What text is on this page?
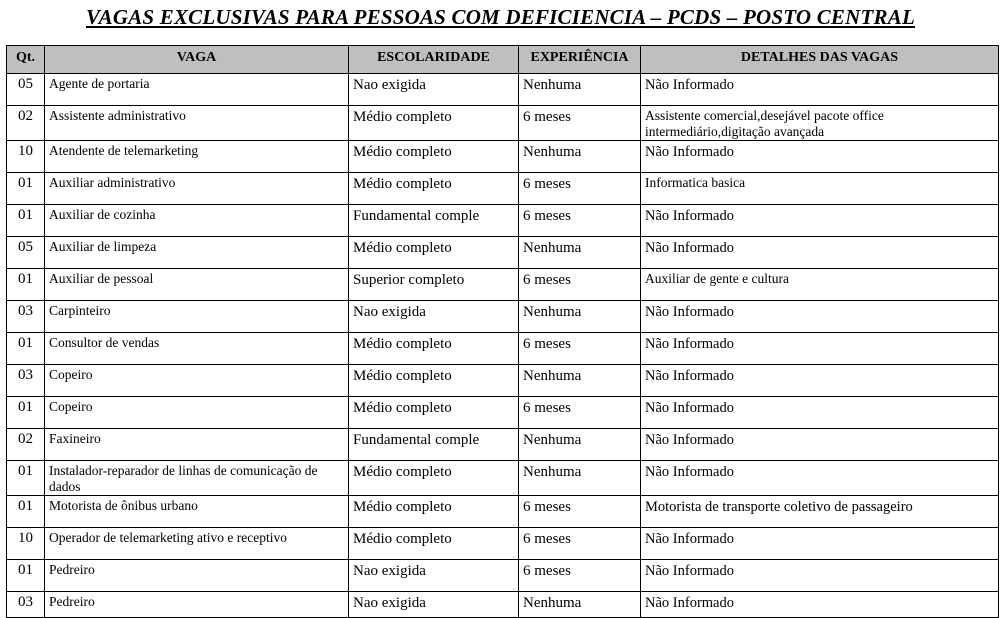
VAGAS EXCLUSIVAS PARA PESSOAS COM DEFICIENCIA – PCDS – POSTO CENTRAL
Qt.	VAGA	ESCOLARIDADE	EXPERIÊNCIA	DETALHES DAS VAGAS
05	Agente de portaria	Nao exigida	Nenhuma	Não Informado
02	Assistente administrativo	Médio completo	6 meses	Assistente comercial,desejável pacote office intermediário,digitação avançada
10	Atendente de telemarketing	Médio completo	Nenhuma	Não Informado
01	Auxiliar administrativo	Médio completo	6 meses	Informatica basica
01	Auxiliar de cozinha	Fundamental comple	6 meses	Não Informado
05	Auxiliar de limpeza	Médio completo	Nenhuma	Não Informado
01	Auxiliar de pessoal	Superior completo	6 meses	Auxiliar de gente e cultura
03	Carpinteiro	Nao exigida	Nenhuma	Não Informado
01	Consultor de vendas	Médio completo	6 meses	Não Informado
03	Copeiro	Médio completo	Nenhuma	Não Informado
01	Copeiro	Médio completo	6 meses	Não Informado
02	Faxineiro	Fundamental comple	Nenhuma	Não Informado
01	Instalador-reparador de linhas de comunicação de dados	Médio completo	Nenhuma	Não Informado
01	Motorista de ônibus urbano	Médio completo	6 meses	Motorista de transporte coletivo de passageiro
10	Operador de telemarketing ativo e receptivo	Médio completo	6 meses	Não Informado
01	Pedreiro	Nao exigida	6 meses	Não Informado
03	Pedreiro	Nao exigida	Nenhuma	Não Informado
